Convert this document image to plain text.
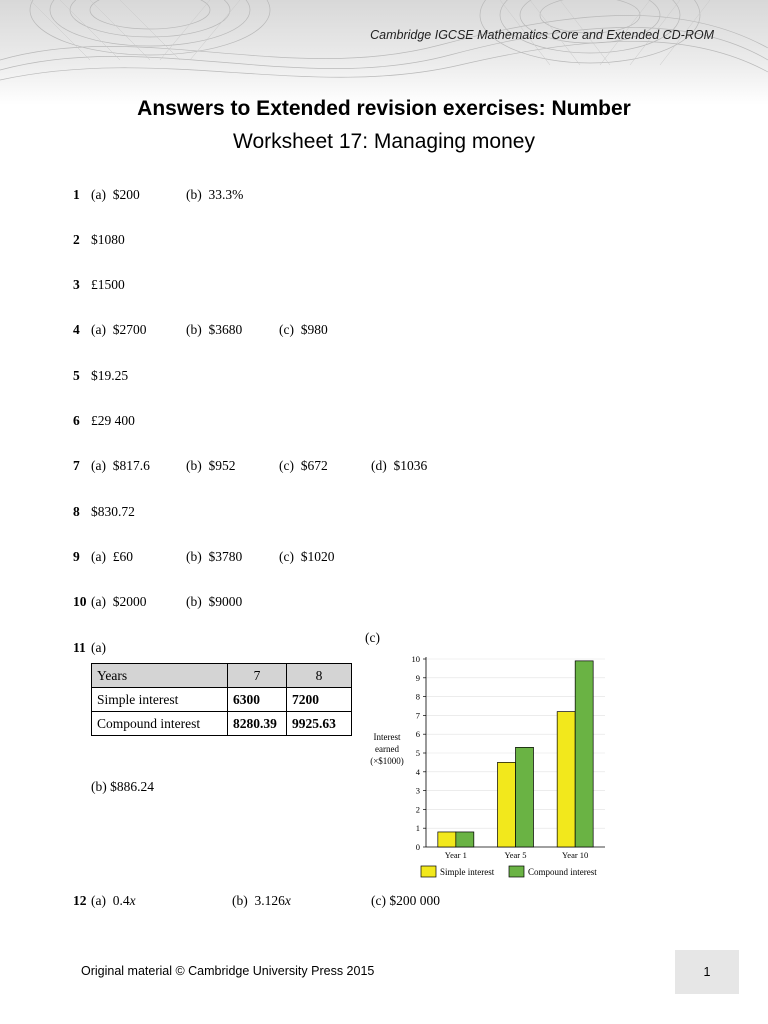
Cambridge IGCSE Mathematics Core and Extended CD-ROM
Answers to Extended revision exercises: Number
Worksheet 17: Managing money
1 (a) $200	(b) 33.3%
2 $1080
3 £1500
4 (a) $2700	(b) $3680	(c) $980
5 $19.25
6 £29 400
7 (a) $817.6	(b) $952	(c) $672	(d) $1036
8 $830.72
9 (a) £60	(b) $3780	(c) $1020
10 (a) $2000	(b) $9000
11 (a)
Years	7	8
Simple interest	6300	7200
Compound interest	8280.39	9925.63
(b) $886.24
(c)
0
1
2
3
4
5
6
7
8
9
10
Year 1	Year 5	Year 10
Interest
earned
(×$1000)
Simple interest	Compound interest
12 (a) 0.4x	(b) 3.126x	(c) $200 000
Original material © Cambridge University Press 2015	1
